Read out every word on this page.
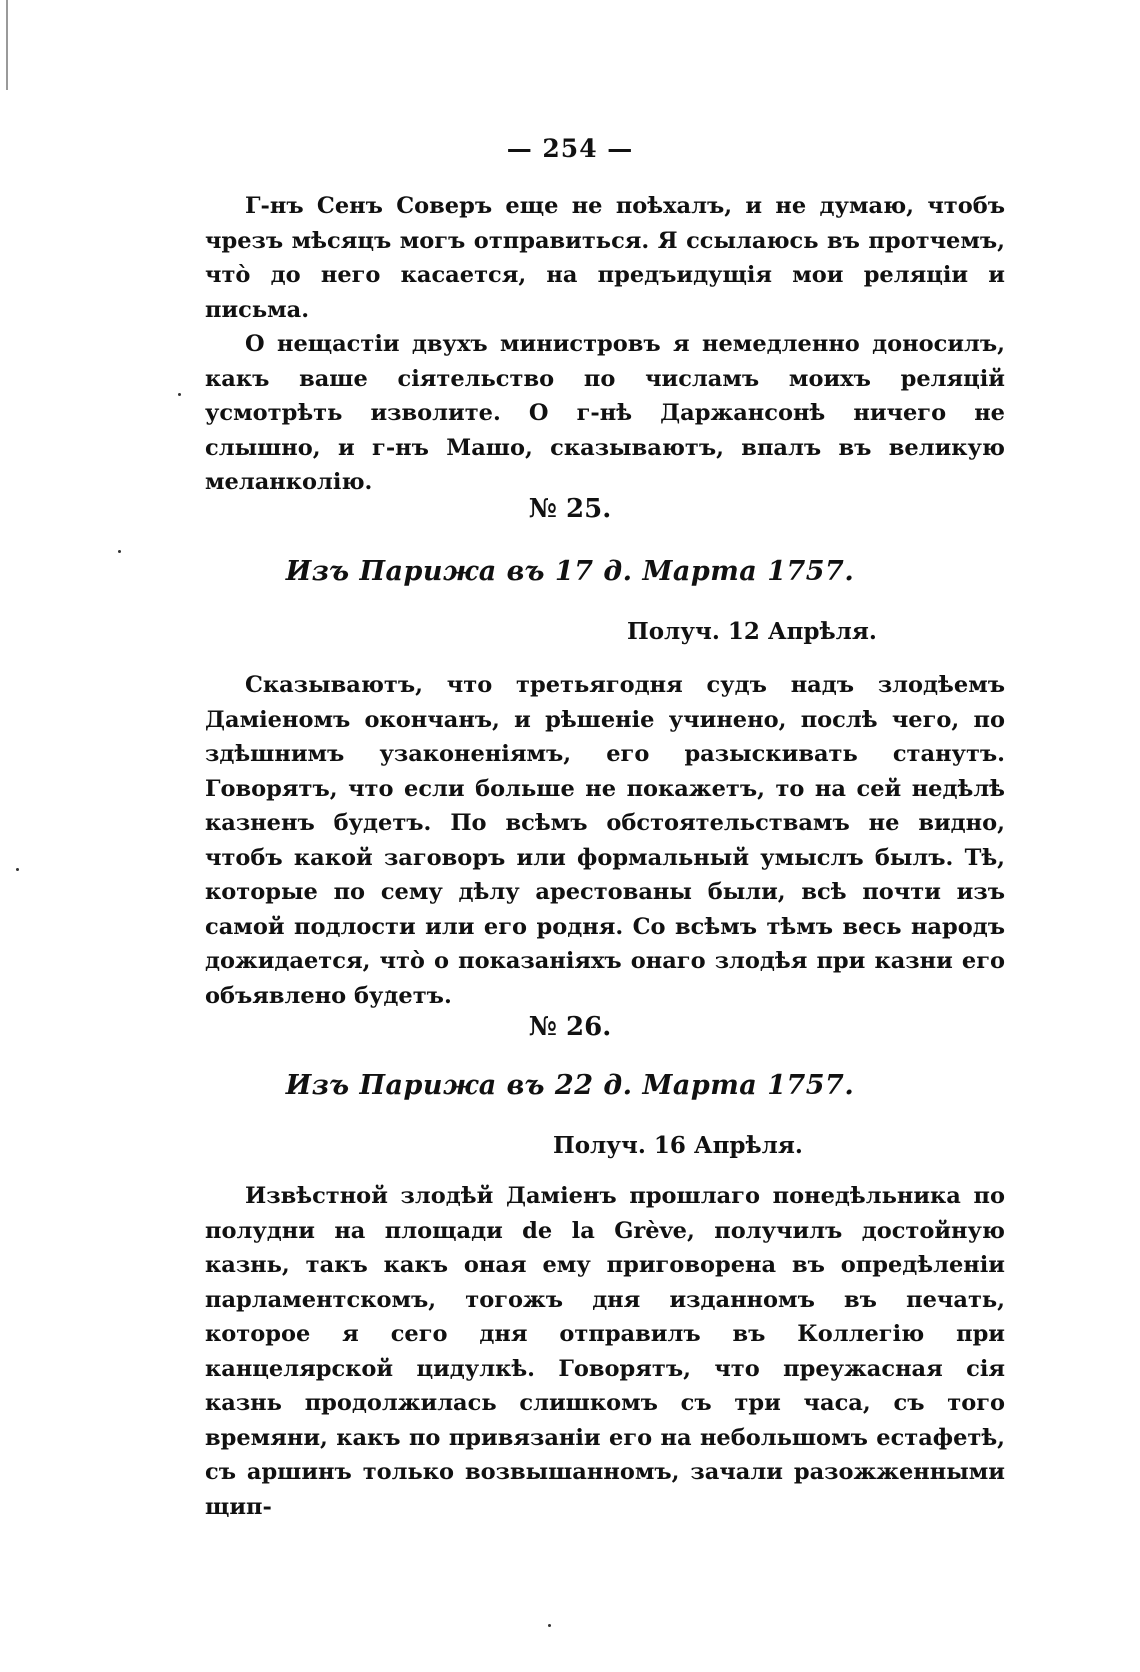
— 254 —

Г-нъ Сенъ Соверъ еще не поѣхалъ, и не думаю, чтобъ чрезъ мѣсяцъ могъ отправиться. Я ссылаюсь въ протчемъ, чтò до него касается, на предъидущія мои реляціи и письма.

О нещастіи двухъ министровъ я немедленно доносилъ, какъ ваше сіятельство по числамъ моихъ реляцій усмотрѣть изволите. О г-нѣ Даржансонѣ ничего не слышно, и г-нъ Машо, сказываютъ, впалъ въ великую меланколію.

№ 25.
Изъ Парижа въ 17 д. Марта 1757.
Получ. 12 Апрѣля.

Сказываютъ, что третьягодня судъ надъ злодѣемъ Даміеномъ окончанъ, и рѣшеніе учинено, послѣ чего, по здѣшнимъ узаконеніямъ, его разыскивать станутъ. Говорятъ, что если больше не покажетъ, то на сей недѣлѣ казненъ будетъ. По всѣмъ обстоятельствамъ не видно, чтобъ какой заговоръ или формальный умыслъ былъ. Тѣ, которые по сему дѣлу арестованы были, всѣ почти изъ самой подлости или его родня. Со всѣмъ тѣмъ весь народъ дожидается, чтò о показаніяхъ онаго злодѣя при казни его объявлено будетъ.

№ 26.
Изъ Парижа въ 22 д. Марта 1757.
Получ. 16 Апрѣля.

Извѣстной злодѣй Даміенъ прошлаго понедѣльника по полудни на площади de la Grève, получилъ достойную казнь, такъ какъ оная ему приговорена въ опредѣленіи парламентскомъ, тогожъ дня изданномъ въ печать, которое я сего дня отправилъ въ Коллегію при канцелярской цидулкѣ. Говорятъ, что преужасная сія казнь продолжилась слишкомъ съ три часа, съ того времяни, какъ по привязаніи его на небольшомъ естафетѣ, съ аршинъ только возвышанномъ, зачали разожженными щип-
